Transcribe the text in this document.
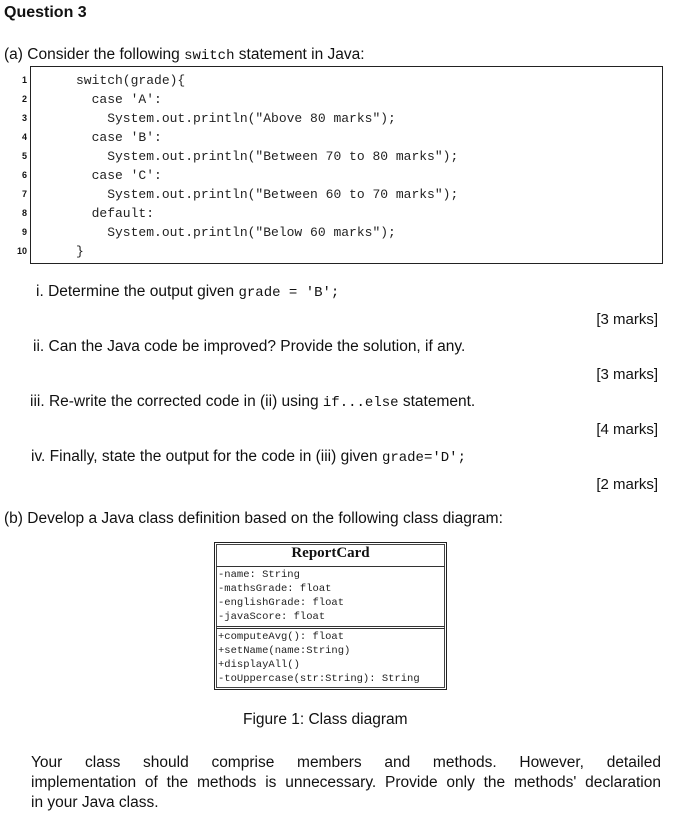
Question 3
(a) Consider the following switch statement in Java:
1
2
3
4
5
6
7
8
9
10
switch(grade){
case 'A':
System.out.println("Above 80 marks");
case 'B':
System.out.println("Between 70 to 80 marks");
case 'C':
System.out.println("Between 60 to 70 marks");
default:
System.out.println("Below 60 marks");
}
i. Determine the output given grade = 'B';
[3 marks]
ii. Can the Java code be improved? Provide the solution, if any.
[3 marks]
iii. Re-write the corrected code in (ii) using if...else statement.
[4 marks]
iv. Finally, state the output for the code in (iii) given grade='D';
[2 marks]
(b) Develop a Java class definition based on the following class diagram:
ReportCard
-name: String
-mathsGrade: float
-englishGrade: float
-javaScore: float
+computeAvg(): float
+setName(name:String)
+displayAll()
-toUppercase(str:String): String
Figure 1: Class diagram
Your class should comprise members and methods. However, detailed
implementation of the methods is unnecessary. Provide only the methods' declaration
in your Java class.
